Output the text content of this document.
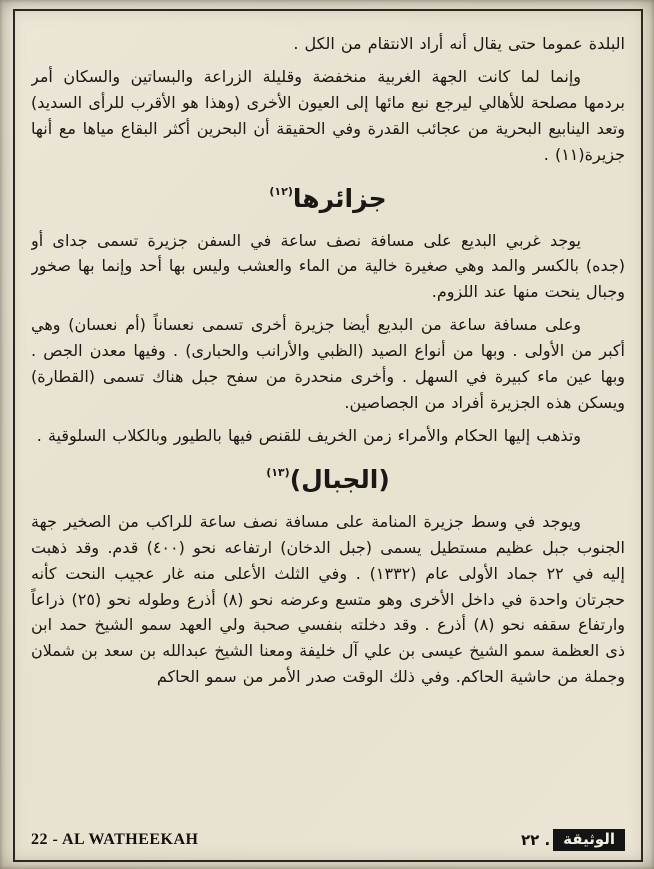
البلدة عموما حتى يقال أنه أراد الانتقام من الكل .

وإنما لما كانت الجهة الغربية منخفضة وقليلة الزراعة والبساتين والسكان أمر بردمها مصلحة للأهالي ليرجع نبع مائها إلى العيون الأخرى (وهذا هو الأقرب للرأى السديد) وتعد الينابيع البحرية من عجائب القدرة وفي الحقيقة أن البحرين أكثر البقاع مياها مع أنها جزيرة(١١) .

جزائرها$^{(١٢)}$

يوجد غربي البديع على مسافة نصف ساعة في السفن جزيرة تسمى جداى أو (جده) بالكسر والمد وهي صغيرة خالية من الماء والعشب وليس بها أحد وإنما بها صخور وجبال ينحت منها عند اللزوم.

وعلى مسافة ساعة من البديع أيضا جزيرة أخرى تسمى نعساناً (أم نعسان) وهي أكبر من الأولى . وبها من أنواع الصيد (الظبي والأرانب والحبارى) . وفيها معدن الجص . وبها عين ماء كبيرة في السهل . وأخرى منحدرة من سفح جبل هناك تسمى (القطارة) ويسكن هذه الجزيرة أفراد من الجصاصين.

وتذهب إليها الحكام والأمراء زمن الخريف للقنص فيها بالطيور وبالكلاب السلوقية .

(الجبال)$^{(١٣)}$

ويوجد في وسط جزيرة المنامة على مسافة نصف ساعة للراكب من الصخير جهة الجنوب جبل عظيم مستطيل يسمى (جبل الدخان) ارتفاعه نحو (٤٠٠) قدم. وقد ذهبت إليه في ٢٢ جماد الأولى عام (١٣٣٢) . وفي الثلث الأعلى منه غار عجيب النحت كأنه حجرتان واحدة في داخل الأخرى وهو متسع وعرضه نحو (٨) أذرع وطوله نحو (٢٥) ذراعاً وارتفاع سقفه نحو (٨) أذرع . وقد دخلته بنفسي صحبة ولي العهد سمو الشيخ حمد ابن ذى العظمة سمو الشيخ عيسى بن علي آل خليفة ومعنا الشيخ عبدالله بن سعد بن شملان وجملة من حاشية الحاكم. وفي ذلك الوقت صدر الأمر من سمو الحاكم

22 - AL WATHEEKAH	٢٢ . الوثيقة
